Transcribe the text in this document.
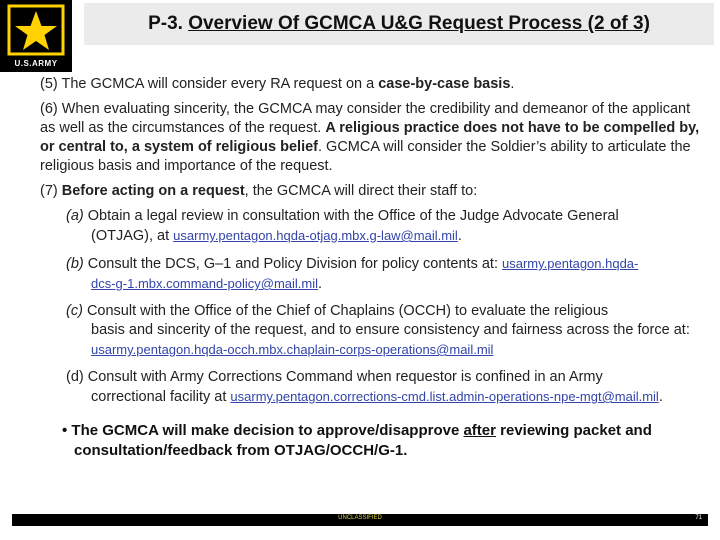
U.S.ARMY
P-3. Overview Of GCMCA U&G Request Process (2 of 3)

(5) The GCMCA will consider every RA request on a case-by-case basis.

(6) When evaluating sincerity, the GCMCA may consider the credibility and demeanor of the applicant as well as the circumstances of the request. A religious practice does not have to be compelled by, or central to, a system of religious belief. GCMCA will consider the Soldier’s ability to articulate the religious basis and importance of the request.

(7) Before acting on a request, the GCMCA will direct their staff to:

(a) Obtain a legal review in consultation with the Office of the Judge Advocate General
(OTJAG), at usarmy.pentagon.hqda-otjag.mbx.g-law@mail.mil.
(b) Consult the DCS, G–1 and Policy Division for policy contents at: usarmy.pentagon.hqda-
dcs-g-1.mbx.command-policy@mail.mil.
(c) Consult with the Office of the Chief of Chaplains (OCCH) to evaluate the religious
basis and sincerity of the request, and to ensure consistency and fairness across the force at: usarmy.pentagon.hqda-occh.mbx.chaplain-corps-operations@mail.mil
(d) Consult with Army Corrections Command when requestor is confined in an Army
correctional facility at usarmy.pentagon.corrections-cmd.list.admin-operations-npe-mgt@mail.mil.
• The GCMCA will make decision to approve/disapprove after reviewing packet and
consultation/feedback from OTJAG/OCCH/G-1.
UNCLASSIFIED	71
